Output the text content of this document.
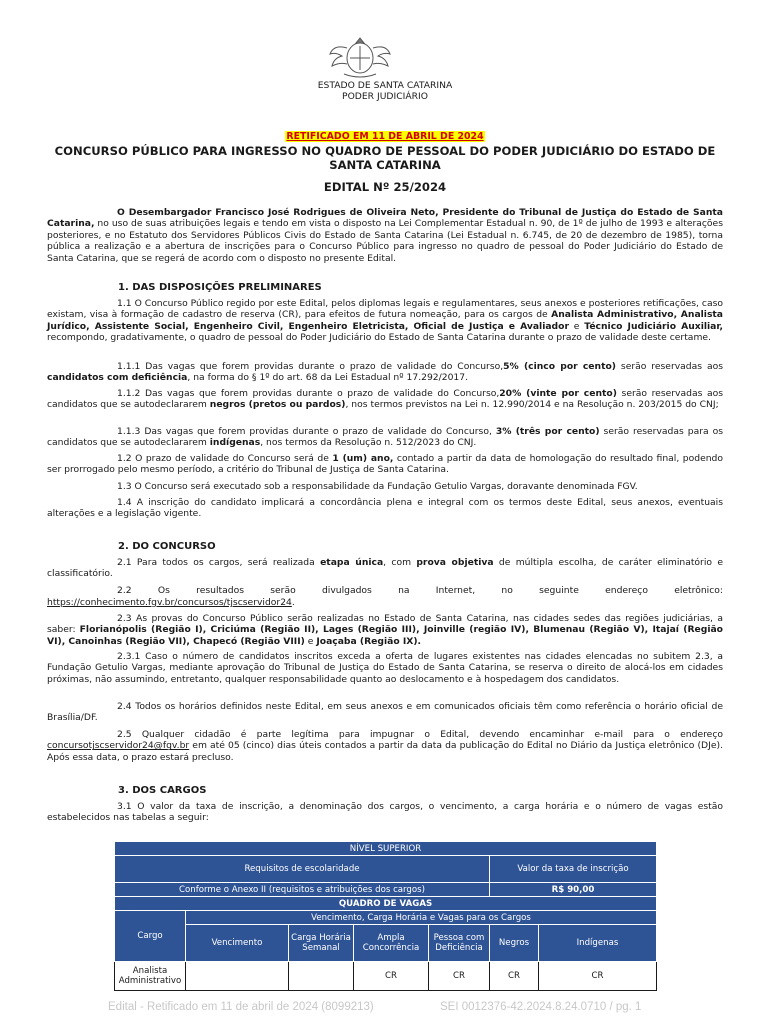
ESTADO DE SANTA CATARINA
PODER JUDICIÁRIO
RETIFICADO EM 11 DE ABRIL DE 2024
CONCURSO PÚBLICO PARA INGRESSO NO QUADRO DE PESSOAL DO PODER JUDICIÁRIO DO ESTADO DE SANTA CATARINA
EDITAL Nº 25/2024
O Desembargador Francisco José Rodrigues de Oliveira Neto, Presidente do Tribunal de Justiça do Estado de Santa Catarina, no uso de suas atribuições legais e tendo em vista o disposto na Lei Complementar Estadual n. 90, de 1º de julho de 1993 e alterações posteriores, e no Estatuto dos Servidores Públicos Civis do Estado de Santa Catarina (Lei Estadual n. 6.745, de 20 de dezembro de 1985), torna pública a realização e a abertura de inscrições para o Concurso Público para ingresso no quadro de pessoal do Poder Judiciário do Estado de Santa Catarina, que se regerá de acordo com o disposto no presente Edital.
1. DAS DISPOSIÇÕES PRELIMINARES
1.1 O Concurso Público regido por este Edital, pelos diplomas legais e regulamentares, seus anexos e posteriores retificações, caso existam, visa à formação de cadastro de reserva (CR), para efeitos de futura nomeação, para os cargos de Analista Administrativo, Analista Jurídico, Assistente Social, Engenheiro Civil, Engenheiro Eletricista, Oficial de Justiça e Avaliador e Técnico Judiciário Auxiliar, recompondo, gradativamente, o quadro de pessoal do Poder Judiciário do Estado de Santa Catarina durante o prazo de validade deste certame.
1.1.1 Das vagas que forem providas durante o prazo de validade do Concurso,5% (cinco por cento) serão reservadas aos candidatos com deficiência, na forma do § 1º do art. 68 da Lei Estadual nº 17.292/2017.
1.1.2 Das vagas que forem providas durante o prazo de validade do Concurso,20% (vinte por cento) serão reservadas aos candidatos que se autodeclararem negros (pretos ou pardos), nos termos previstos na Lei n. 12.990/2014 e na Resolução n. 203/2015 do CNJ;
1.1.3 Das vagas que forem providas durante o prazo de validade do Concurso, 3% (três por cento) serão reservadas para os candidatos que se autodeclararem indígenas, nos termos da Resolução n. 512/2023 do CNJ.
1.2 O prazo de validade do Concurso será de 1 (um) ano, contado a partir da data de homologação do resultado final, podendo ser prorrogado pelo mesmo período, a critério do Tribunal de Justiça de Santa Catarina.
1.3 O Concurso será executado sob a responsabilidade da Fundação Getulio Vargas, doravante denominada FGV.
1.4 A inscrição do candidato implicará a concordância plena e integral com os termos deste Edital, seus anexos, eventuais alterações e a legislação vigente.
2. DO CONCURSO
2.1 Para todos os cargos, será realizada etapa única, com prova objetiva de múltipla escolha, de caráter eliminatório e classificatório.
2.2 Os resultados serão divulgados na Internet, no seguinte endereço eletrônico:
https://conhecimento.fgv.br/concursos/tjscservidor24.
2.3 As provas do Concurso Público serão realizadas no Estado de Santa Catarina, nas cidades sedes das regiões judiciárias, a saber: Florianópolis (Região I), Criciúma (Região II), Lages (Região III), Joinville (região IV), Blumenau (Região V), Itajaí (Região VI), Canoinhas (Região VII), Chapecó (Região VIII) e Joaçaba (Região IX).
2.3.1 Caso o número de candidatos inscritos exceda a oferta de lugares existentes nas cidades elencadas no subitem 2.3, a Fundação Getulio Vargas, mediante aprovação do Tribunal de Justiça do Estado de Santa Catarina, se reserva o direito de alocá-los em cidades próximas, não assumindo, entretanto, qualquer responsabilidade quanto ao deslocamento e à hospedagem dos candidatos.
2.4 Todos os horários definidos neste Edital, em seus anexos e em comunicados oficiais têm como referência o horário oficial de Brasília/DF.
2.5 Qualquer cidadão é parte legítima para impugnar o Edital, devendo encaminhar e-mail para o endereço concursotjscservidor24@fgv.br em até 05 (cinco) dias úteis contados a partir da data da publicação do Edital no Diário da Justiça eletrônico (DJe). Após essa data, o prazo estará precluso.
3. DOS CARGOS
3.1 O valor da taxa de inscrição, a denominação dos cargos, o vencimento, a carga horária e o número de vagas estão estabelecidos nas tabelas a seguir:
NÍVEL SUPERIOR						
Requisitos de escolaridade					Valor da taxa de inscrição	
Conforme o Anexo II (requisitos e atribuições dos cargos)					R$ 90,00	
QUADRO DE VAGAS						
Cargo	Vencimento, Carga Horária e Vagas para os Cargos					
	Vencimento	Carga Horária Semanal	Ampla Concorrência	Pessoa com Deficiência	Negros	Indígenas
Analista Administrativo			CR	CR	CR	CR
Edital - Retificado em 11 de abril de 2024 (8099213)	SEI 0012376-42.2024.8.24.0710 / pg. 1
